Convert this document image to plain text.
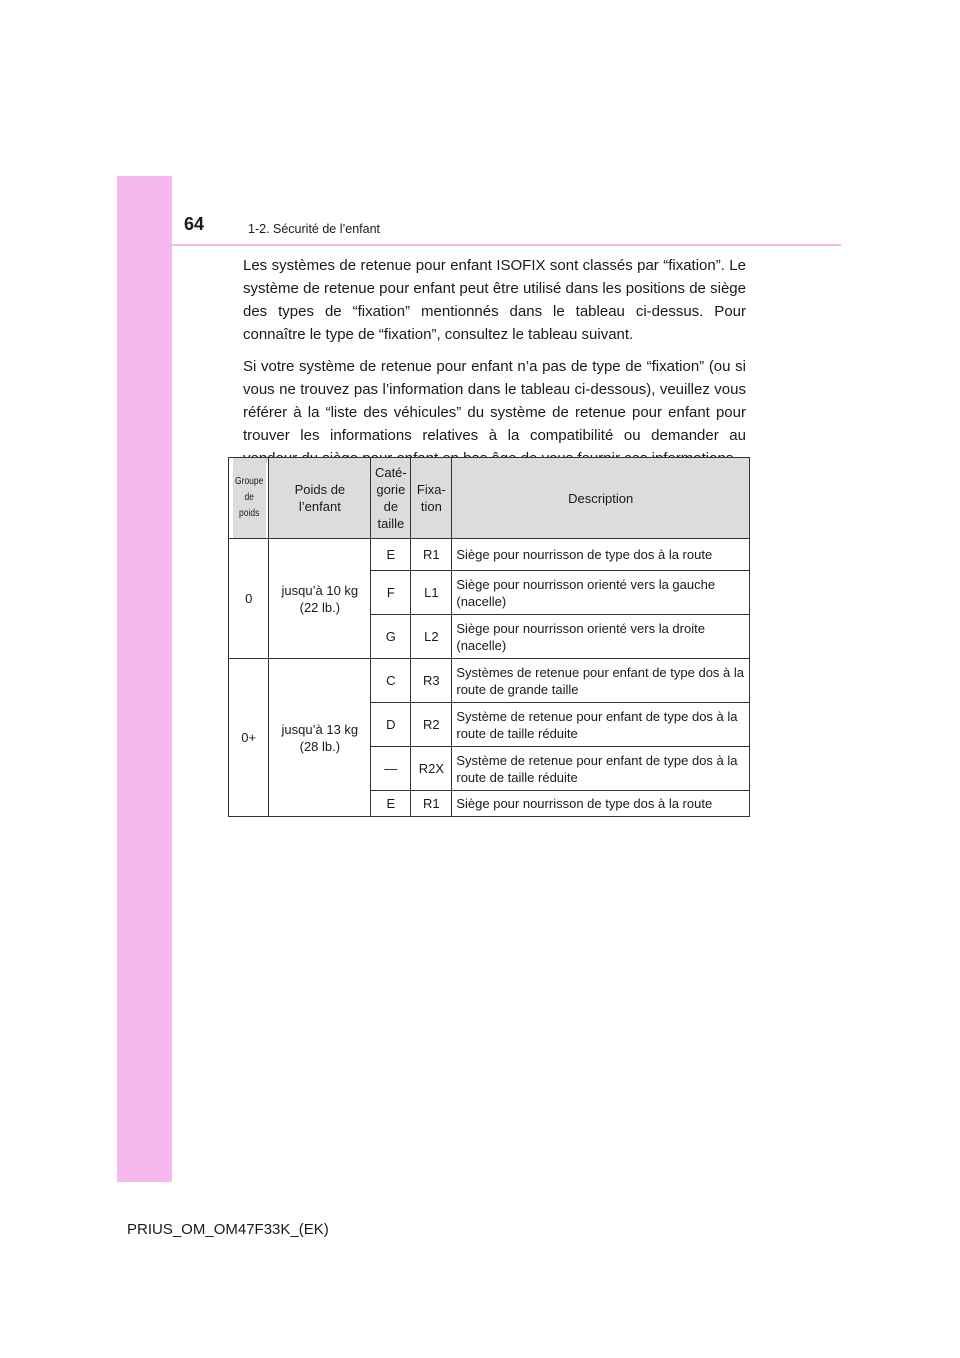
64	1-2. Sécurité de l’enfant

Les systèmes de retenue pour enfant ISOFIX sont classés par “fixation”. Le système de retenue pour enfant peut être utilisé dans les positions de siège des types de “fixation” mentionnés dans le tableau ci-dessus. Pour connaître le type de “fixation”, consultez le tableau suivant.

Si votre système de retenue pour enfant n’a pas de type de “fixation” (ou si vous ne trouvez pas l’information dans le tableau ci-dessous), veuillez vous référer à la “liste des véhicules” du système de retenue pour enfant pour trouver les informations relatives à la compatibilité ou demander au

Groupe de poids	Poids de l’enfant	Caté-gorie de taille	Fixa-tion	Description
0	jusqu’à 10 kg (22 lb.)	E	R1	Siège pour nourrisson de type dos à la route
		F	L1	Siège pour nourrisson orienté vers la gauche (nacelle)
		G	L2	Siège pour nourrisson orienté vers la droite (nacelle)
0+	jusqu’à 13 kg (28 lb.)	C	R3	Systèmes de retenue pour enfant de type dos à la route de grande taille
		D	R2	Système de retenue pour enfant de type dos à la route de taille réduite
		—	R2X	Système de retenue pour enfant de type dos à la route de taille réduite
		E	R1	Siège pour nourrisson de type dos à la route
PRIUS_OM_OM47F33K_(EK)
